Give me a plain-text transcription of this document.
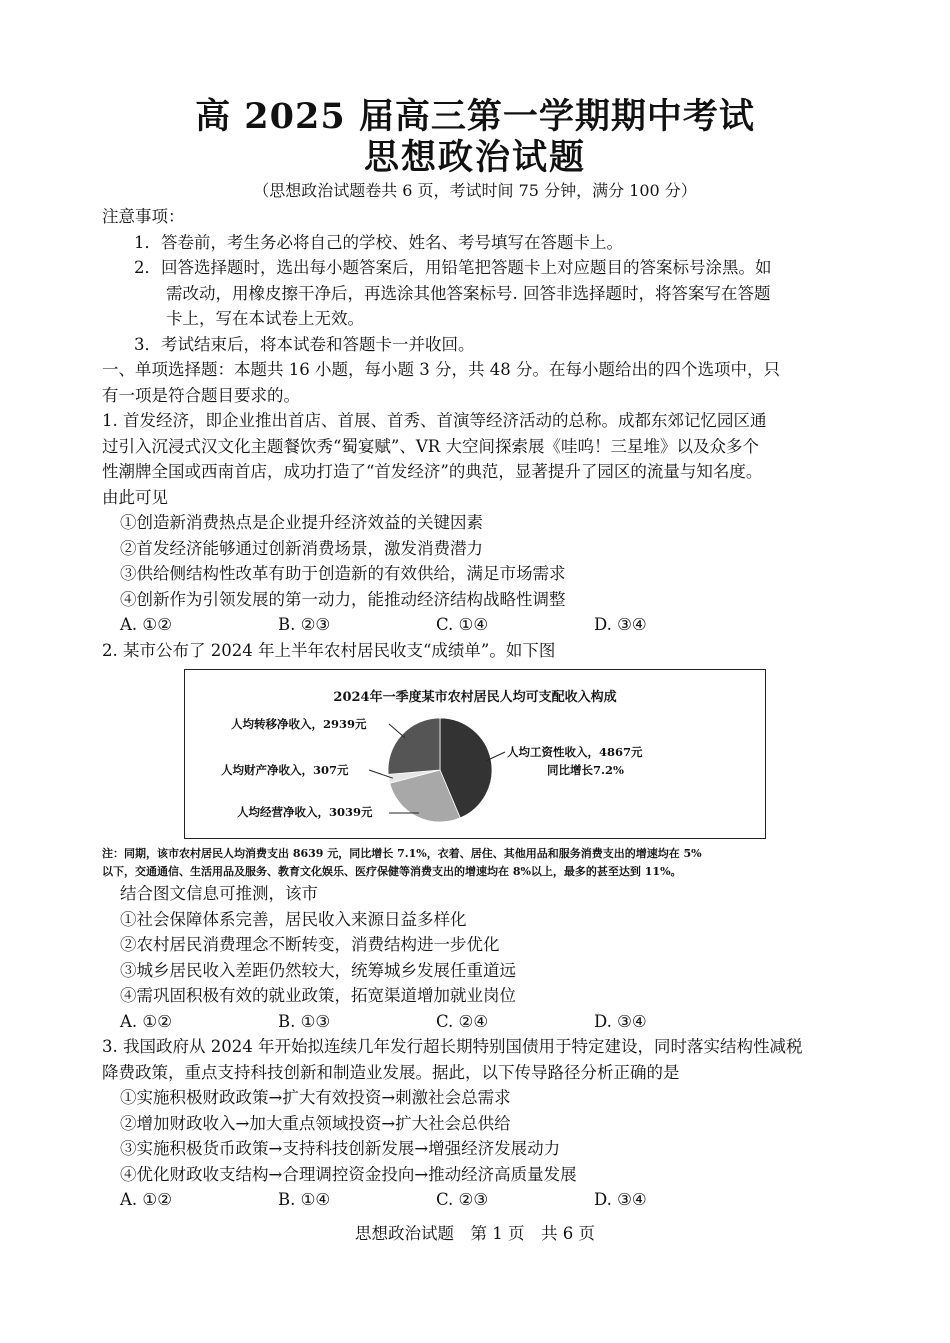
高 2025 届高三第一学期期中考试
思想政治试题
（思想政治试题卷共 6 页，考试时间 75 分钟，满分 100 分）
注意事项：
1．答卷前，考生务必将自己的学校、姓名、考号填写在答题卡上。
2．回答选择题时，选出每小题答案后，用铅笔把答题卡上对应题目的答案标号涂黑。如
需改动，用橡皮擦干净后，再选涂其他答案标号. 回答非选择题时，将答案写在答题
卡上，写在本试卷上无效。
3．考试结束后，将本试卷和答题卡一并收回。
一、单项选择题：本题共 16 小题，每小题 3 分，共 48 分。在每小题给出的四个选项中，只
有一项是符合题目要求的。
1. 首发经济，即企业推出首店、首展、首秀、首演等经济活动的总称。成都东郊记忆园区通
过引入沉浸式汉文化主题餐饮秀“蜀宴赋”、VR 大空间探索展《哇呜！三星堆》以及众多个
性潮牌全国或西南首店，成功打造了“首发经济”的典范，显著提升了园区的流量与知名度。
由此可见
①创造新消费热点是企业提升经济效益的关键因素
②首发经济能够通过创新消费场景，激发消费潜力
③供给侧结构性改革有助于创造新的有效供给，满足市场需求
④创新作为引领发展的第一动力，能推动经济结构战略性调整
A. ①②	B. ②③	C. ①④	D. ③④
2. 某市公布了 2024 年上半年农村居民收支“成绩单”。如下图
2024年一季度某市农村居民人均可支配收入构成
人均工资性收入，4867元
人均经营净收入，3039元
人均财产净收入，307元
人均转移净收入，2939元
同比增长7.2%
注：同期，该市农村居民人均消费支出 8639 元，同比增长 7.1%，衣着、居住、其他用品和服务消费支出的增速均在 5%
以下，交通通信、生活用品及服务、教育文化娱乐、医疗保健等消费支出的增速均在 8%以上，最多的甚至达到 11%。
结合图文信息可推测，该市
①社会保障体系完善，居民收入来源日益多样化
②农村居民消费理念不断转变，消费结构进一步优化
③城乡居民收入差距仍然较大，统筹城乡发展任重道远
④需巩固积极有效的就业政策，拓宽渠道增加就业岗位
A. ①②	B. ①③	C. ②④	D. ③④
3. 我国政府从 2024 年开始拟连续几年发行超长期特别国债用于特定建设，同时落实结构性减税
降费政策，重点支持科技创新和制造业发展。据此，以下传导路径分析正确的是
①实施积极财政政策→扩大有效投资→刺激社会总需求
②增加财政收入→加大重点领域投资→扩大社会总供给
③实施积极货币政策→支持科技创新发展→增强经济发展动力
④优化财政收支结构→合理调控资金投向→推动经济高质量发展
A. ①②	B. ①④	C. ②③	D. ③④
思想政治试题　第 1 页　共 6 页
